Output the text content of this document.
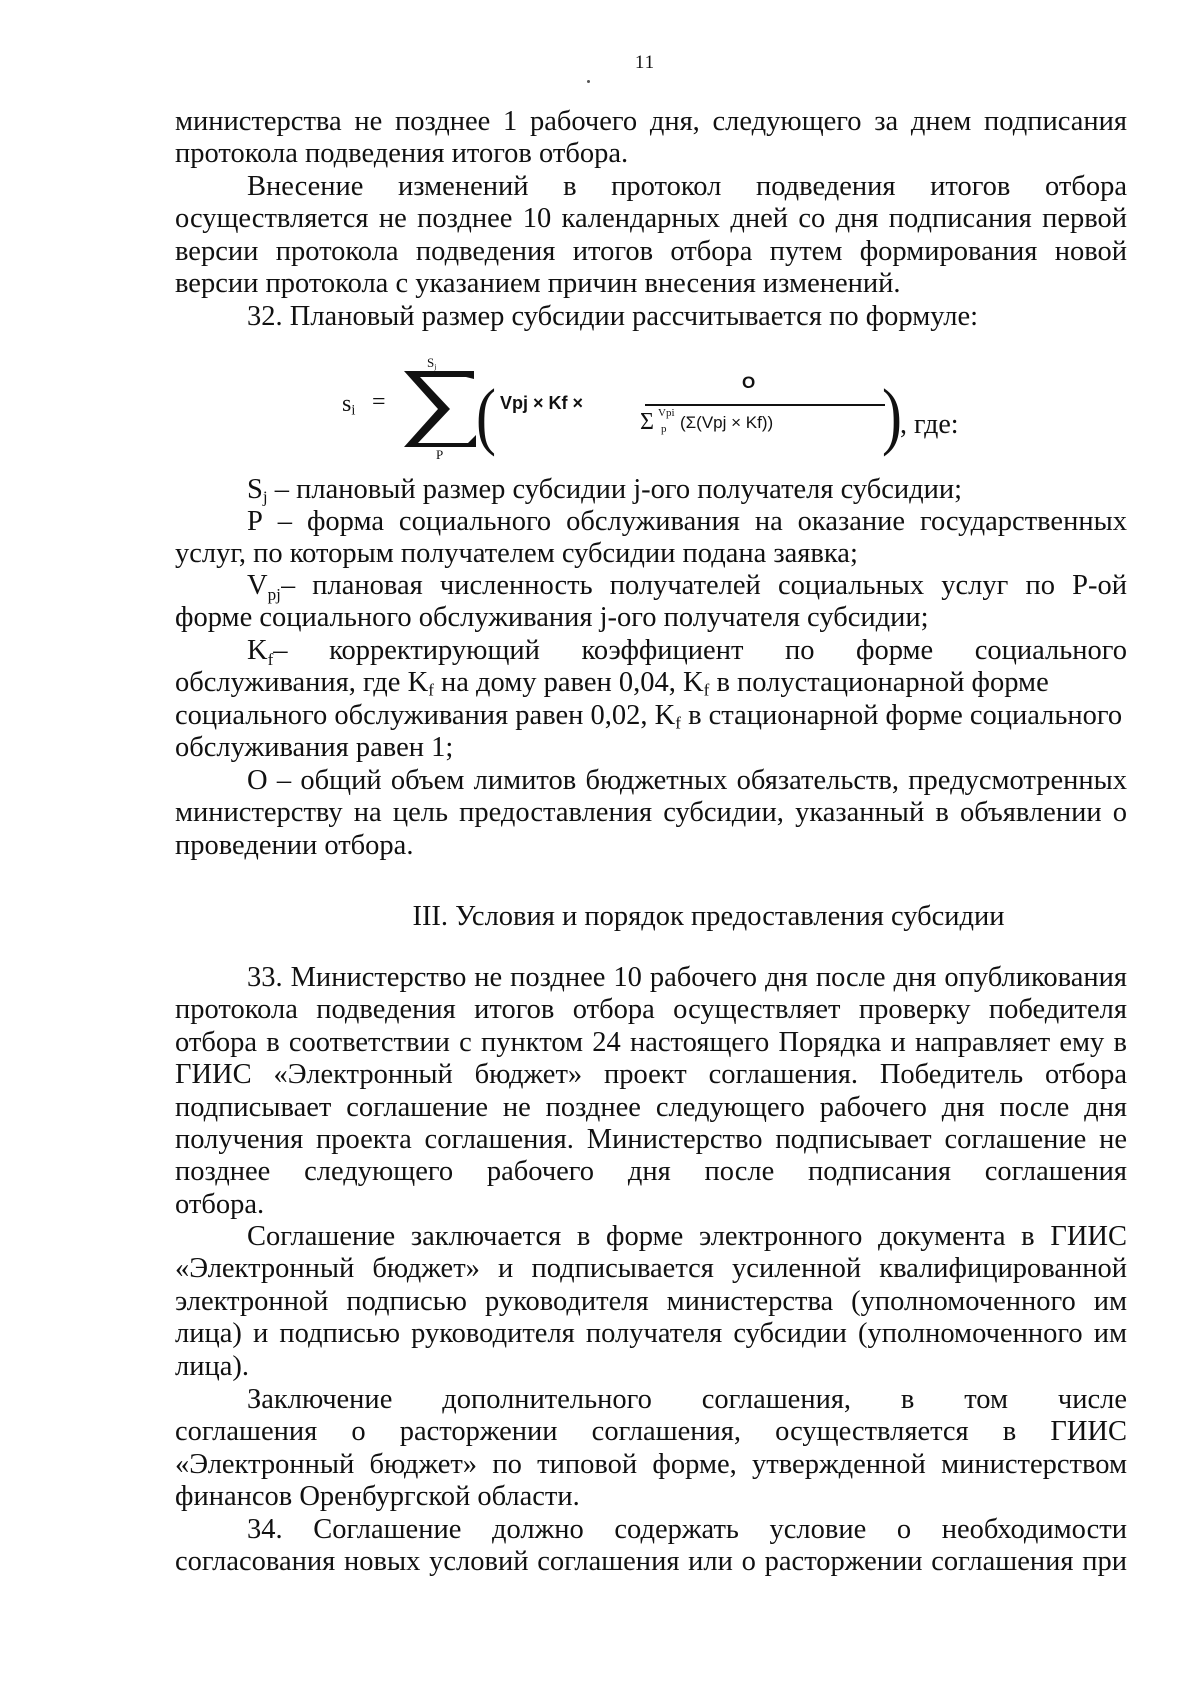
11
министерства не позднее 1 рабочего дня, следующего за днем подписания
протокола подведения итогов отбора.
Внесение изменений в протокол подведения итогов отбора
осуществляется не позднее 10 календарных дней со дня подписания первой
версии протокола подведения итогов отбора путем формирования новой
версии протокола с указанием причин внесения изменений.
32. Плановый размер субсидии рассчитывается по формуле:
$s_i$ =
$S_j$
P ( Vpj × Kf ×
O
Σ Vpi
p (Σ(Vpj × Kf)) )
, где:
$S_j$ – плановый размер субсидии j-ого получателя субсидии;
Р – форма социального обслуживания на оказание государственных
услуг, по которым получателем субсидии подана заявка;
V pj – плановая численность получателей социальных услуг по Р-ой
форме социального обслуживания j-ого получателя субсидии;
K f – корректирующий коэффициент по форме социального
обслуживания, где $K_f$ на дому равен 0,04, $K_f$ в полустационарной форме
социального обслуживания равен 0,02, $K_f$ в стационарной форме социального
обслуживания равен 1;
О – общий объем лимитов бюджетных обязательств, предусмотренных
министерству на цель предоставления субсидии, указанный в объявлении о
проведении отбора.
III. Условия и порядок предоставления субсидии
33. Министерство не позднее 10 рабочего дня после дня опубликования
протокола подведения итогов отбора осуществляет проверку победителя
отбора в соответствии с пунктом 24 настоящего Порядка и направляет ему в
ГИИС «Электронный бюджет» проект соглашения. Победитель отбора
подписывает соглашение не позднее следующего рабочего дня после дня
получения проекта соглашения. Министерство подписывает соглашение не
позднее следующего рабочего дня после подписания соглашения
отбора.
Соглашение заключается в форме электронного документа в ГИИС
«Электронный бюджет» и подписывается усиленной квалифицированной
электронной подписью руководителя министерства (уполномоченного им
лица) и подписью руководителя получателя субсидии (уполномоченного им
лица).
Заключение дополнительного соглашения, в том числе
соглашения о расторжении соглашения, осуществляется в ГИИС
«Электронный бюджет» по типовой форме, утвержденной министерством
финансов Оренбургской области.
34. Соглашение должно содержать условие о необходимости
согласования новых условий соглашения или о расторжении соглашения при
